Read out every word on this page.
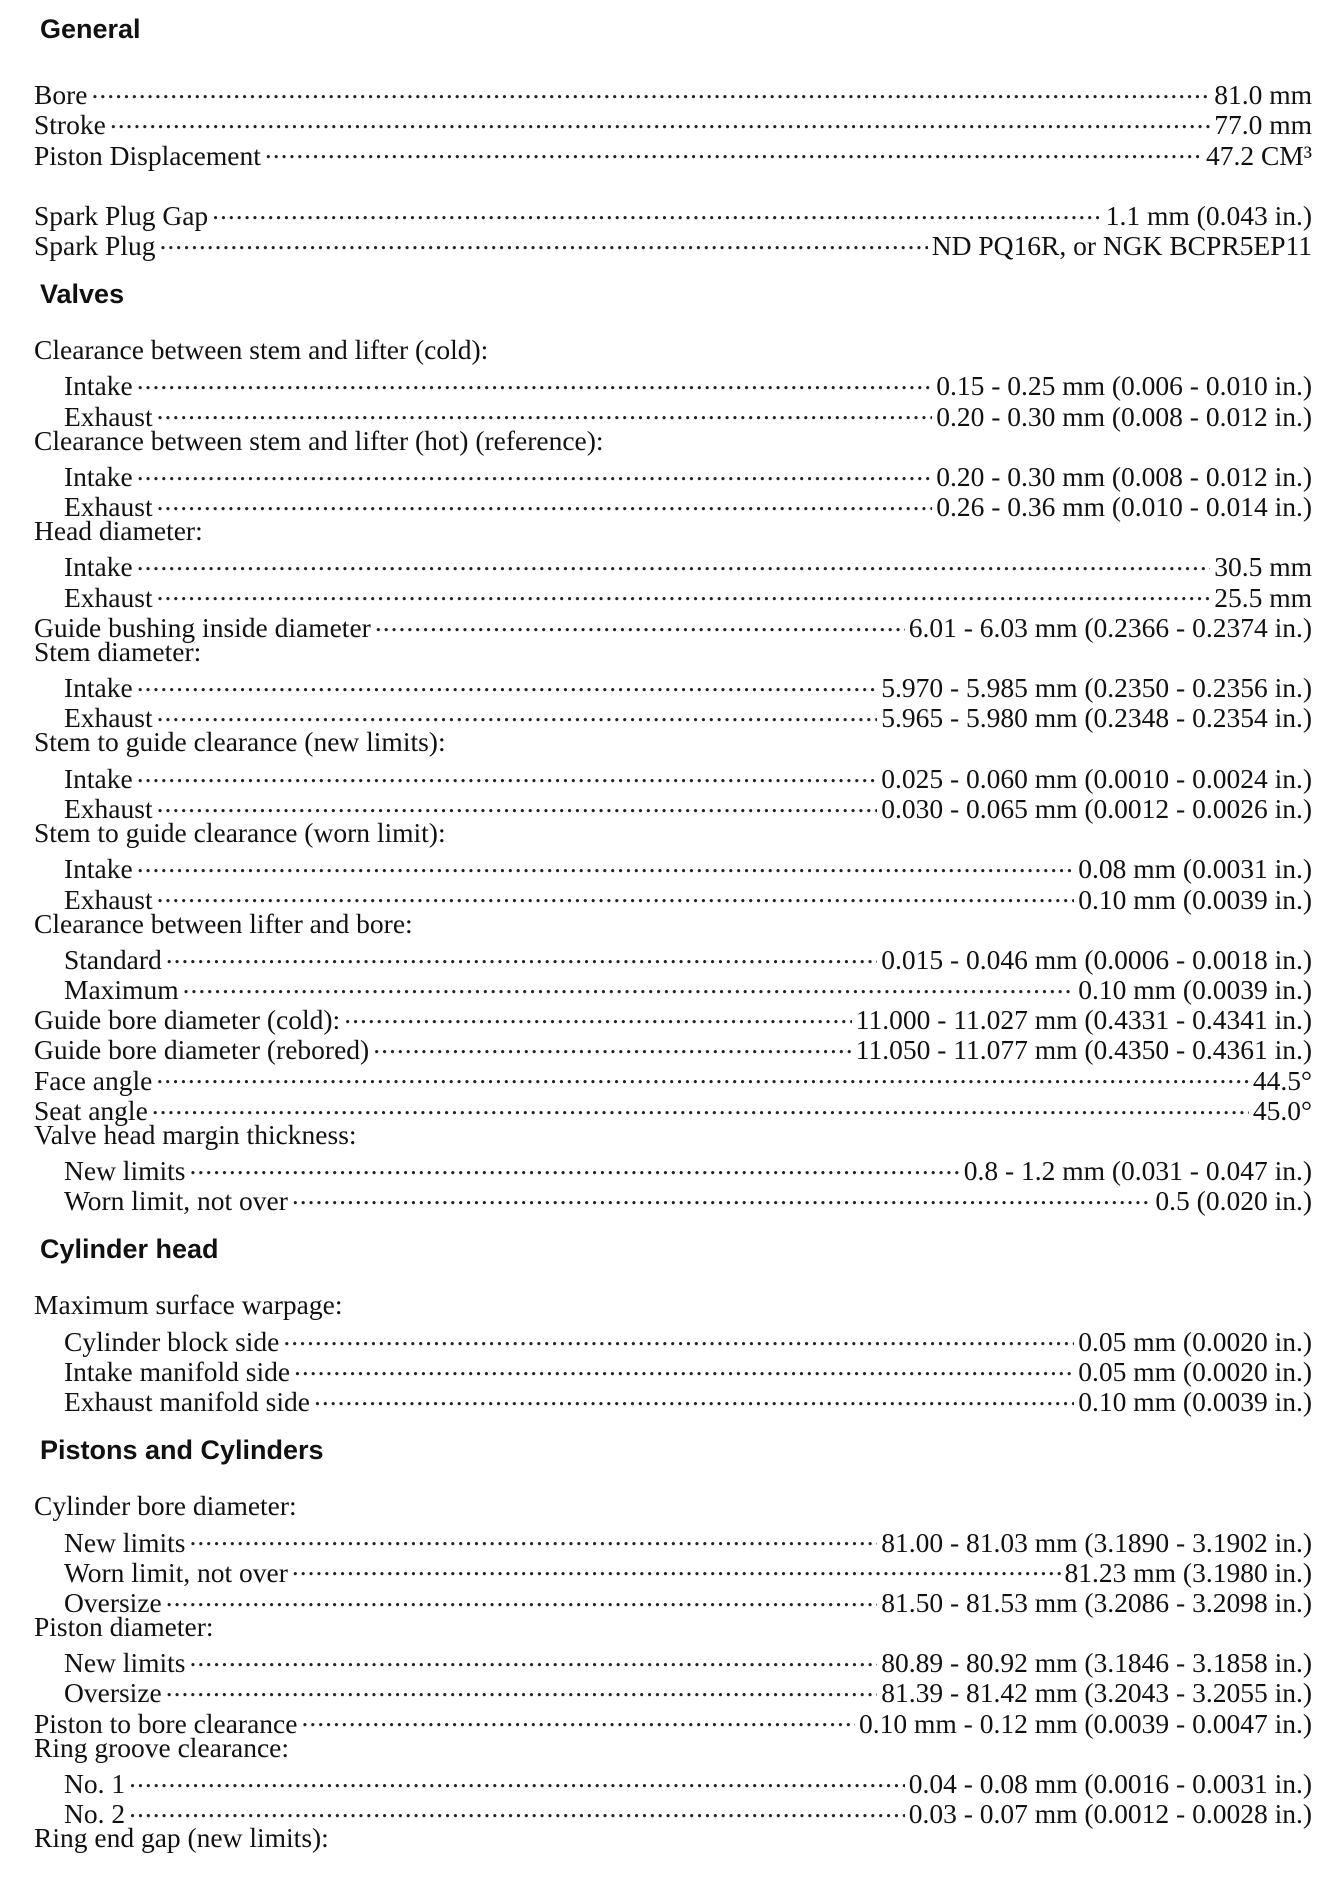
General
Bore .....	81.0 mm
Stroke .....	77.0 mm
Piston Displacement .....	47.2 CM³
Spark Plug Gap .....	1.1 mm (0.043 in.)
Spark Plug .....	ND PQ16R, or NGK BCPR5EP11
Valves
Clearance between stem and lifter (cold):
Intake .....	0.15 - 0.25 mm (0.006 - 0.010 in.)
Exhaust .....	0.20 - 0.30 mm (0.008 - 0.012 in.)
Clearance between stem and lifter (hot) (reference):
Intake .....	0.20 - 0.30 mm (0.008 - 0.012 in.)
Exhaust .....	0.26 - 0.36 mm (0.010 - 0.014 in.)
Head diameter:
Intake .....	30.5 mm
Exhaust .....	25.5 mm
Guide bushing inside diameter .....	6.01 - 6.03 mm (0.2366 - 0.2374 in.)
Stem diameter:
Intake .....	5.970 - 5.985 mm (0.2350 - 0.2356 in.)
Exhaust .....	5.965 - 5.980 mm (0.2348 - 0.2354 in.)
Stem to guide clearance (new limits):
Intake .....	0.025 - 0.060 mm (0.0010 - 0.0024 in.)
Exhaust .....	0.030 - 0.065 mm (0.0012 - 0.0026 in.)
Stem to guide clearance (worn limit):
Intake .....	0.08 mm (0.0031 in.)
Exhaust .....	0.10 mm (0.0039 in.)
Clearance between lifter and bore:
Standard .....	0.015 - 0.046 mm (0.0006 - 0.0018 in.)
Maximum .....	0.10 mm (0.0039 in.)
Guide bore diameter (cold): .....	11.000 - 11.027 mm (0.4331 - 0.4341 in.)
Guide bore diameter (rebored) .....	11.050 - 11.077 mm (0.4350 - 0.4361 in.)
Face angle .....	44.5°
Seat angle .....	45.0°
Valve head margin thickness:
New limits .....	0.8 - 1.2 mm (0.031 - 0.047 in.)
Worn limit, not over .....	0.5 (0.020 in.)
Cylinder head
Maximum surface warpage:
Cylinder block side .....	0.05 mm (0.0020 in.)
Intake manifold side .....	0.05 mm (0.0020 in.)
Exhaust manifold side .....	0.10 mm (0.0039 in.)
Pistons and Cylinders
Cylinder bore diameter:
New limits .....	81.00 - 81.03 mm (3.1890 - 3.1902 in.)
Worn limit, not over .....	81.23 mm (3.1980 in.)
Oversize .....	81.50 - 81.53 mm (3.2086 - 3.2098 in.)
Piston diameter:
New limits .....	80.89 - 80.92 mm (3.1846 - 3.1858 in.)
Oversize .....	81.39 - 81.42 mm (3.2043 - 3.2055 in.)
Piston to bore clearance .....	0.10 mm - 0.12 mm (0.0039 - 0.0047 in.)
Ring groove clearance:
No. 1 .....	0.04 - 0.08 mm (0.0016 - 0.0031 in.)
No. 2 .....	0.03 - 0.07 mm (0.0012 - 0.0028 in.)
Ring end gap (new limits):
